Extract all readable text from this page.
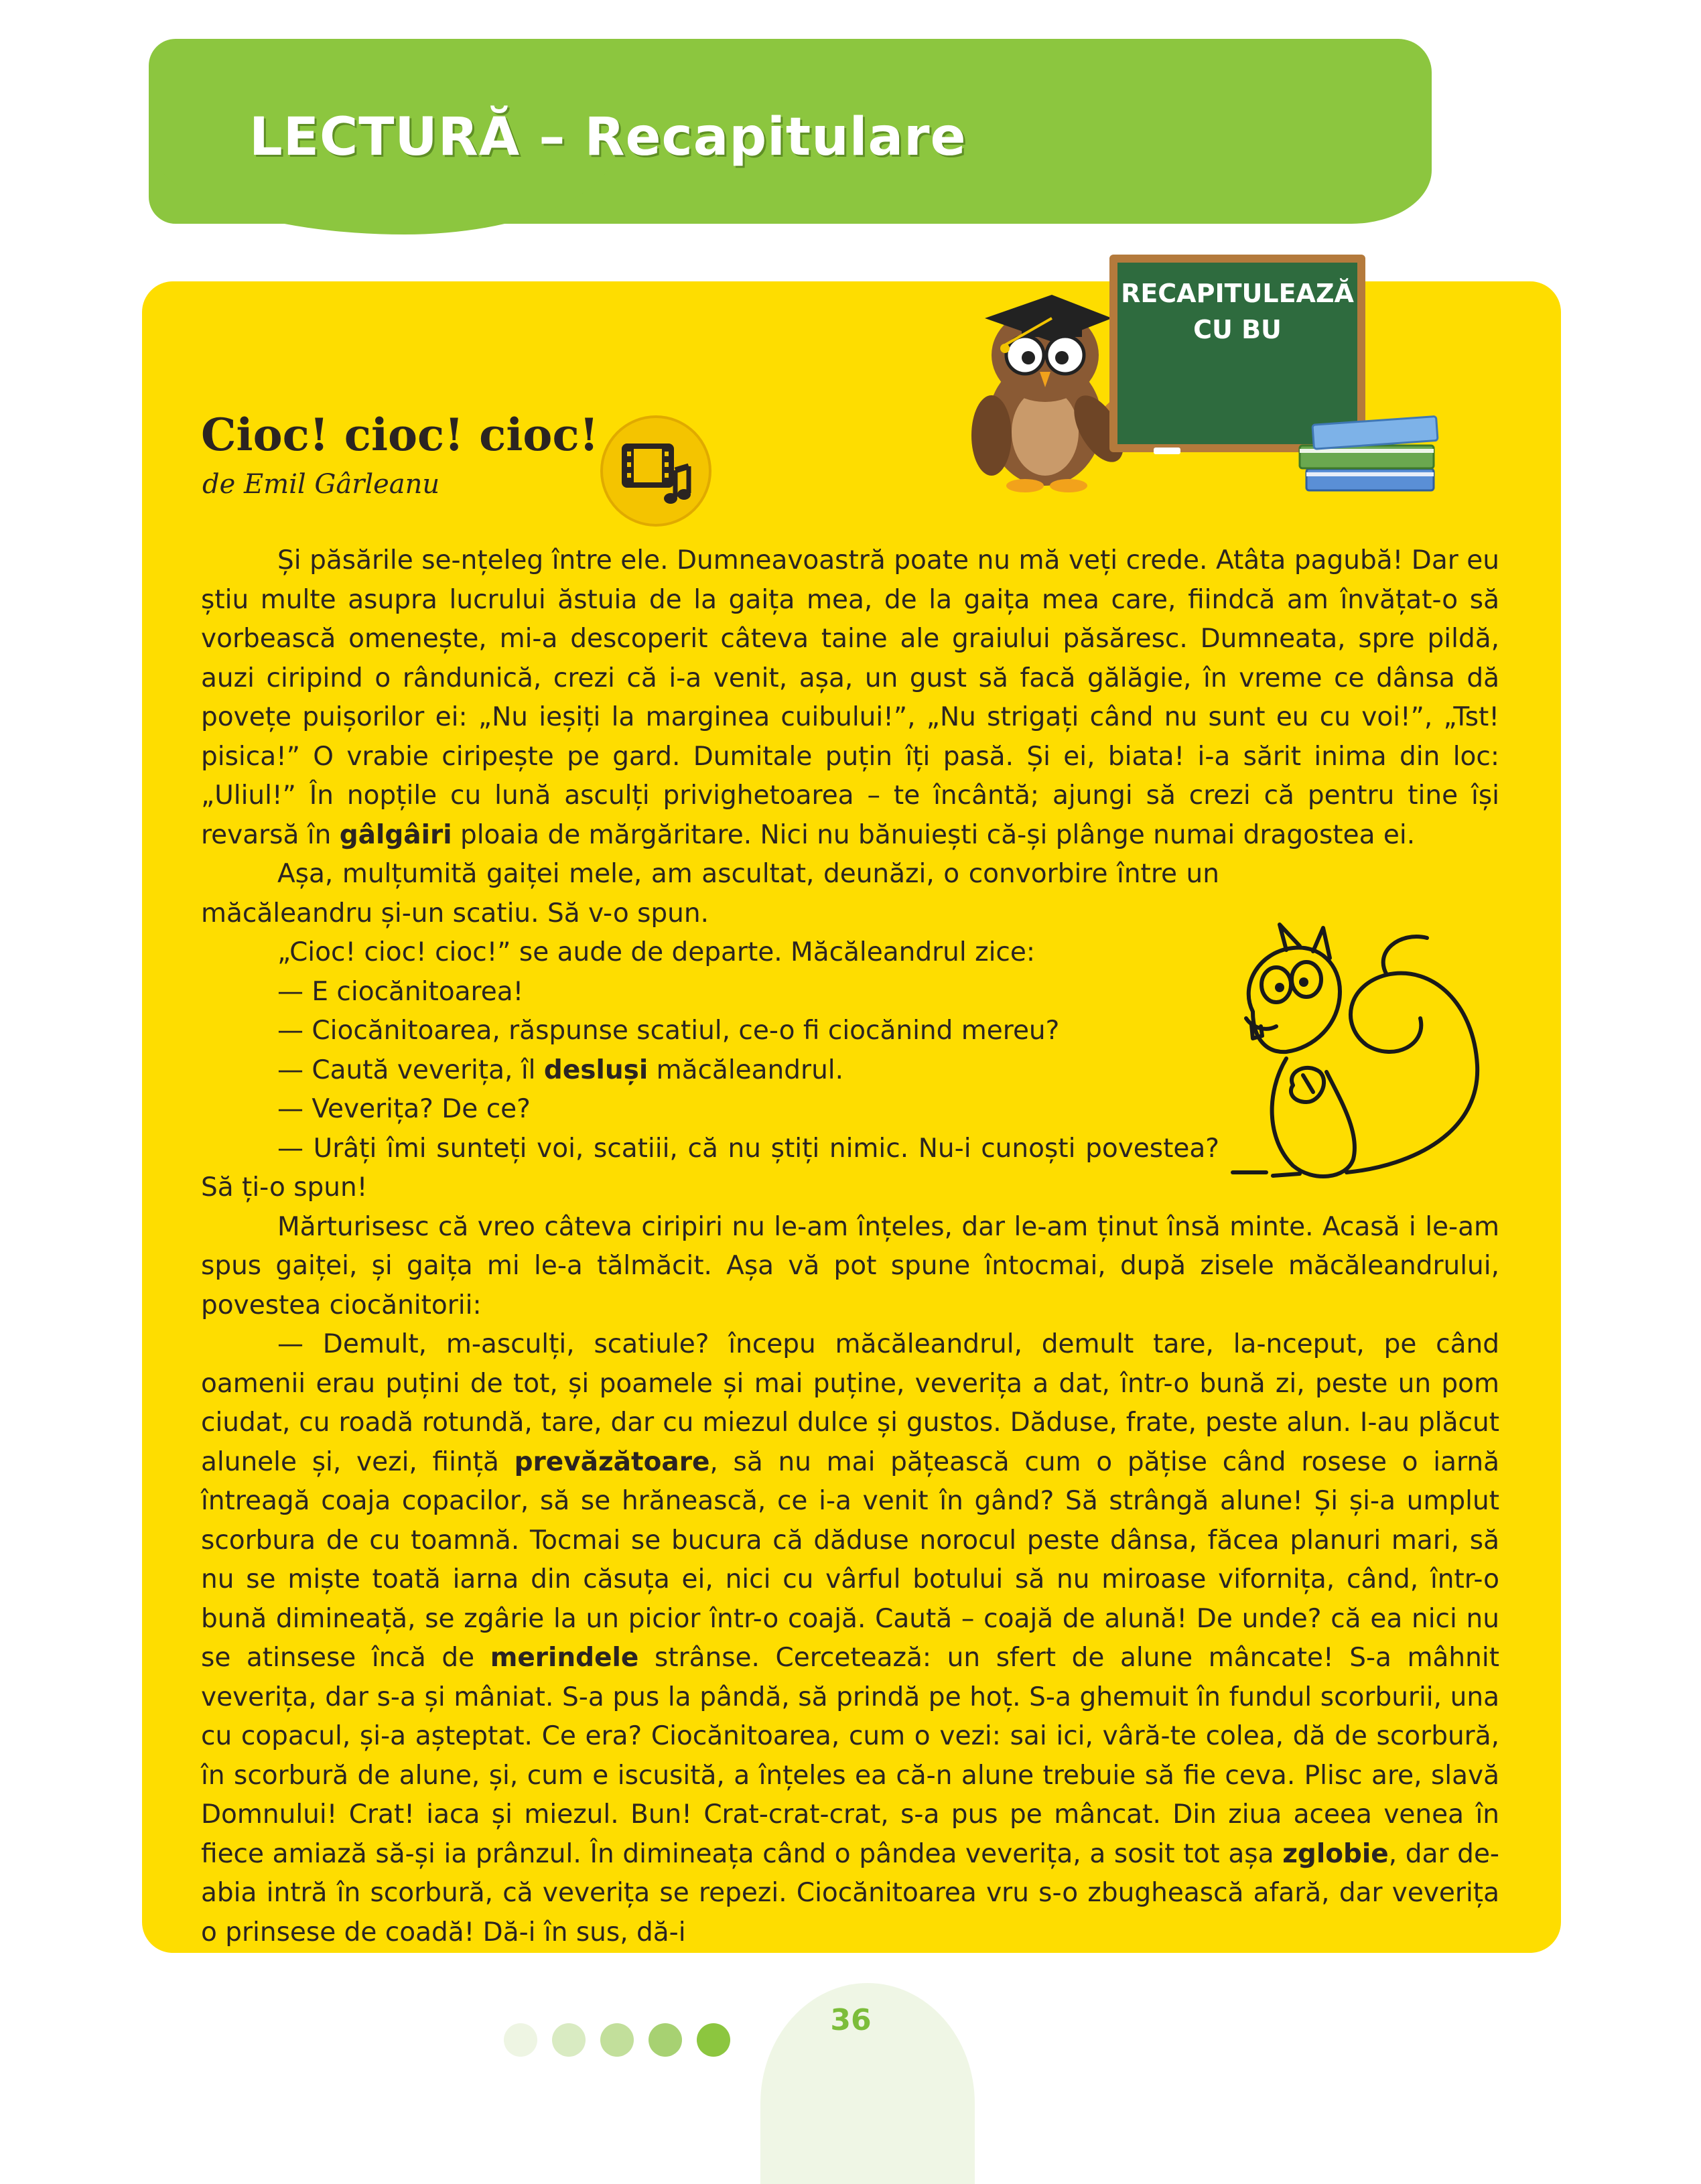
LECTURĂ – Recapitulare
RECAPITULEAZĂ
CU BU
Cioc! cioc! cioc!
de Emil Gârleanu

Și păsările se-nțeleg între ele. Dumneavoastră poate nu mă veți crede. Atâta pagubă! Dar eu știu multe asupra lucrului ăstuia de la gaița mea, de la gaița mea care, fiindcă am învățat-o să vorbească omenește, mi-a descoperit câteva taine ale graiului păsăresc. Dumneata, spre pildă, auzi ciripind o rândunică, crezi că i-a venit, așa, un gust să facă gălăgie, în vreme ce dânsa dă povețe puișorilor ei: „Nu ieșiți la marginea cuibului!”, „Nu strigați când nu sunt eu cu voi!”, „Tst! pisica!” O vrabie ciripește pe gard. Dumitale puțin îți pasă. Și ei, biata! i-a sărit inima din loc: „Uliul!” În nopțile cu lună asculți privighetoarea – te încântă; ajungi să crezi că pentru tine își revarsă în gâlgâiri ploaia de mărgăritare. Nici nu bănuiești că-și plânge numai dragostea ei.

Așa, mulțumită gaiței mele, am ascultat, deunăzi, o convorbire între un măcăleandru și-un scatiu. Să v-o spun.

„Cioc! cioc! cioc!” se aude de departe. Măcăleandrul zice:

— E ciocănitoarea!

— Ciocănitoarea, răspunse scatiul, ce-o fi ciocănind mereu?

— Caută veverița, îl desluși măcăleandrul.

— Veverița? De ce?

— Urâți îmi sunteți voi, scatiii, că nu știți nimic. Nu-i cunoști povestea? Să ți-o spun!

Mărturisesc că vreo câteva ciripiri nu le-am înțeles, dar le-am ținut însă minte. Acasă i le-am spus gaiței, și gaița mi le-a tălmăcit. Așa vă pot spune întocmai, după zisele măcăleandrului, povestea ciocănitorii:

— Demult, m-asculți, scatiule? începu măcăleandrul, demult tare, la-nceput, pe când oamenii erau puțini de tot, și poamele și mai puține, veverița a dat, într-o bună zi, peste un pom ciudat, cu roadă rotundă, tare, dar cu miezul dulce și gustos. Dăduse, frate, peste alun. I-au plăcut alunele și, vezi, ființă prevăzătoare, să nu mai pățească cum o pățise când rosese o iarnă întreagă coaja copacilor, să se hrănească, ce i-a venit în gând? Să strângă alune! Și și-a umplut scorbura de cu toamnă. Tocmai se bucura că dăduse norocul peste dânsa, făcea planuri mari, să nu se miște toată iarna din căsuța ei, nici cu vârful botului să nu miroase vifornița, când, într-o bună dimineață, se zgârie la un picior într-o coajă. Caută – coajă de alună! De unde? că ea nici nu se atinsese încă de merindele strânse. Cercetează: un sfert de alune mâncate! S-a mâhnit veverița, dar s-a și mâniat. S-a pus la pândă, să prindă pe hoț. S-a ghemuit în fundul scorburii, una cu copacul, și-a așteptat. Ce era? Ciocănitoarea, cum o vezi: sai ici, vâră-te colea, dă de scorbură, în scorbură de alune, și, cum e iscusită, a înțeles ea că-n alune trebuie să fie ceva. Plisc are, slavă Domnului! Crat! iaca și miezul. Bun! Crat-crat-crat, s-a pus pe mâncat. Din ziua aceea venea în fiece amiază să-și ia prânzul. În dimineața când o pândea veverița, a sosit tot așa zglobie, dar de-abia intră în scorbură, că veverița se repezi. Ciocănitoarea vru s-o zbughească afară, dar veverița o prinsese de coadă! Dă-i în sus, dă-i

36
